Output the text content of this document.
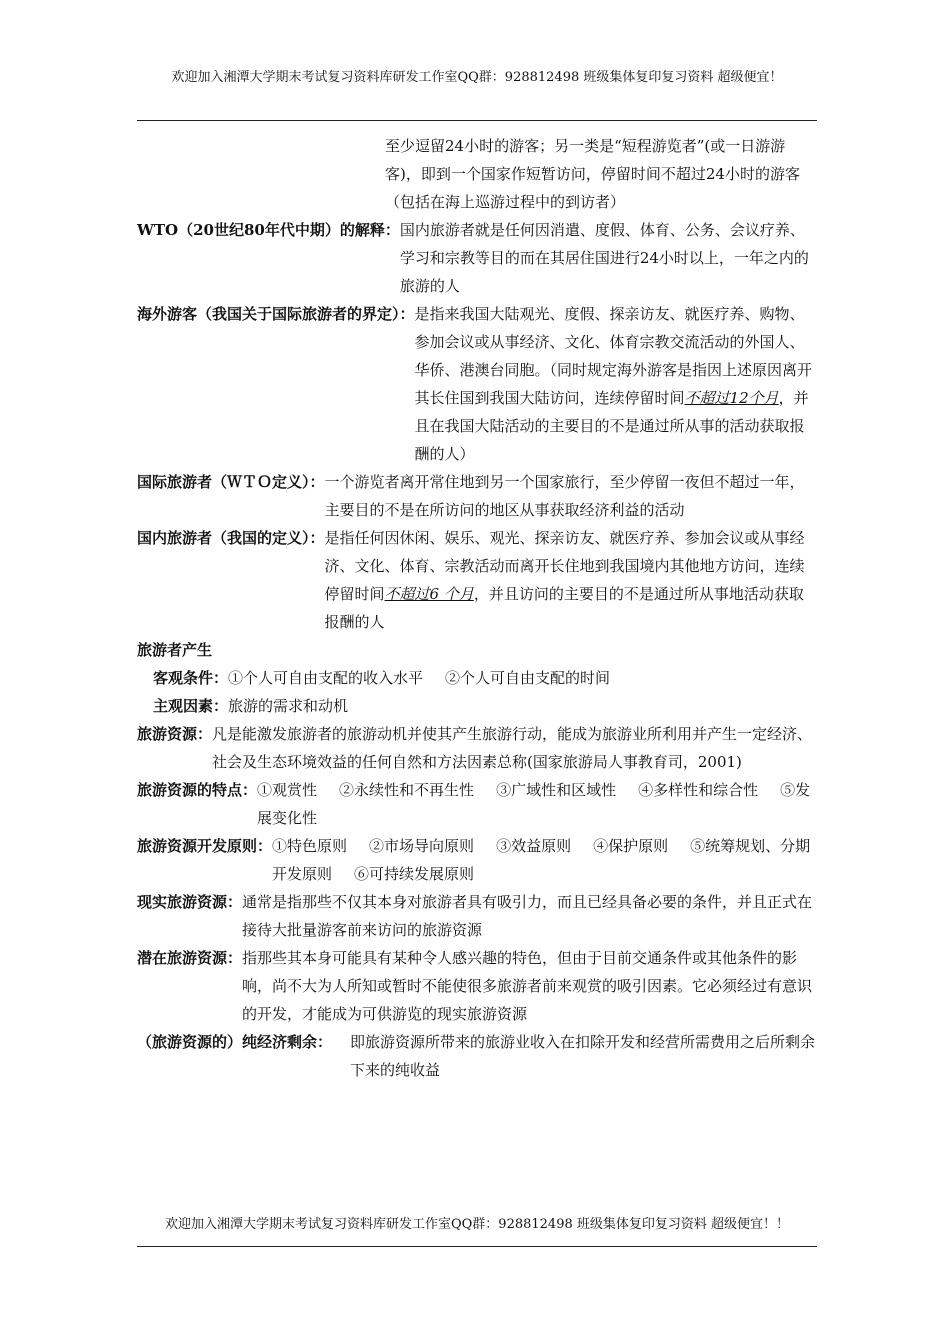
欢迎加入湘潭大学期末考试复习资料库研发工作室QQ群：928812498 班级集体复印复习资料 超级便宜！
至少逗留24小时的游客；另一类是“短程游览者”(或一日游游客)，即到一个国家作短暂访问，停留时间不超过24小时的游客（包括在海上巡游过程中的到访者）
WTO（20世纪80年代中期）的解释： 国内旅游者就是任何因消遣、度假、体育、公务、会议疗养、学习和宗教等目的而在其居住国进行24小时以上，一年之内的旅游的人
海外游客（我国关于国际旅游者的界定）： 是指来我国大陆观光、度假、探亲访友、就医疗养、购物、参加会议或从事经济、文化、体育宗教交流活动的外国人、华侨、港澳台同胞。（同时规定海外游客是指因上述原因离开其长住国到我国大陆访问，连续停留时间不超过12个月，并且在我国大陆活动的主要目的不是通过所从事的活动获取报酬的人）
国际旅游者（ＷＴＯ定义）： 一个游览者离开常住地到另一个国家旅行，至少停留一夜但不超过一年，主要目的不是在所访问的地区从事获取经济利益的活动
国内旅游者（我国的定义）： 是指任何因休闲、娱乐、观光、探亲访友、就医疗养、参加会议或从事经济、文化、体育、宗教活动而离开长住地到我国境内其他地方访问，连续停留时间不超过6 个月，并且访问的主要目的不是通过所从事地活动获取报酬的人
旅游者产生
客观条件： ①个人可自由支配的收入水平 ②个人可自由支配的时间
主观因素： 旅游的需求和动机
旅游资源： 凡是能激发旅游者的旅游动机并使其产生旅游行动，能成为旅游业所利用并产生一定经济、社会及生态环境效益的任何自然和方法因素总称(国家旅游局人事教育司，2001)
旅游资源的特点： ①观赏性 ②永续性和不再生性 ③广域性和区域性 ④多样性和综合性 ⑤发展变化性
旅游资源开发原则： ①特色原则 ②市场导向原则 ③效益原则 ④保护原则 ⑤统筹规划、分期开发原则 ⑥可持续发展原则
现实旅游资源： 通常是指那些不仅其本身对旅游者具有吸引力，而且已经具备必要的条件，并且正式在接待大批量游客前来访问的旅游资源
潜在旅游资源： 指那些其本身可能具有某种令人感兴趣的特色，但由于目前交通条件或其他条件的影响，尚不大为人所知或暂时不能使很多旅游者前来观赏的吸引因素。它必须经过有意识的开发，才能成为可供游览的现实旅游资源
（旅游资源的）纯经济剩余：	即旅游资源所带来的旅游业收入在扣除开发和经营所需费用之后所剩余下来的纯收益
欢迎加入湘潭大学期末考试复习资料库研发工作室QQ群：928812498 班级集体复印复习资料 超级便宜！！
